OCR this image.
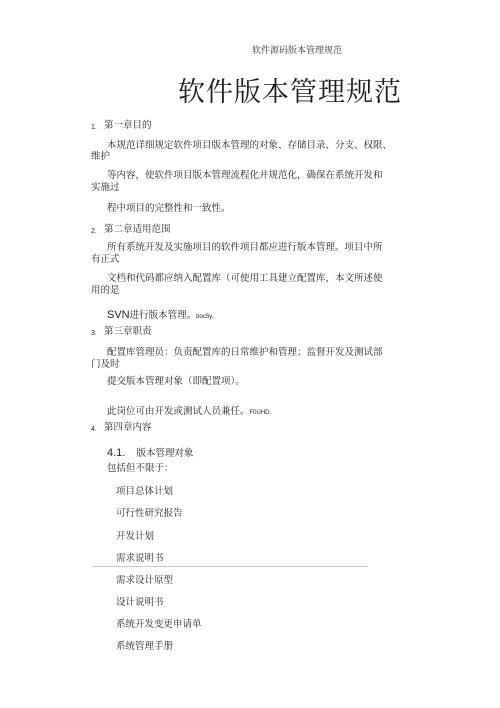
软件源码版本管理规范
软件版本管理规范
1. 第一章目的
本规范详细规定软件项目版本管理的对象、存储目录、分支、权限、
维护
等内容，使软件项目版本管理流程化并规范化，确保在系统开发和
实施过
程中项目的完整性和一致性。
2. 第二章适用范围
所有系统开发及实施项目的软件项目都应进行版本管理。项目中所
有正式
文档和代码都应纳入配置库（可使用工具建立配置库，本文所述使
用的是
SVN进行版本管理。boc5y。
3. 第三章职责
配置库管理员：负责配置库的日常维护和管理；监督开发及测试部
门及时
提交版本管理对象（即配置项）。
此岗位可由开发或测试人员兼任。F0UHD。
4. 第四章内容
4.1. 版本管理对象
包括但不限于：
项目总体计划
可行性研究报告
开发计划
需求说明书
需求设计原型
设计说明书
系统开发变更申请单
系统管理手册
